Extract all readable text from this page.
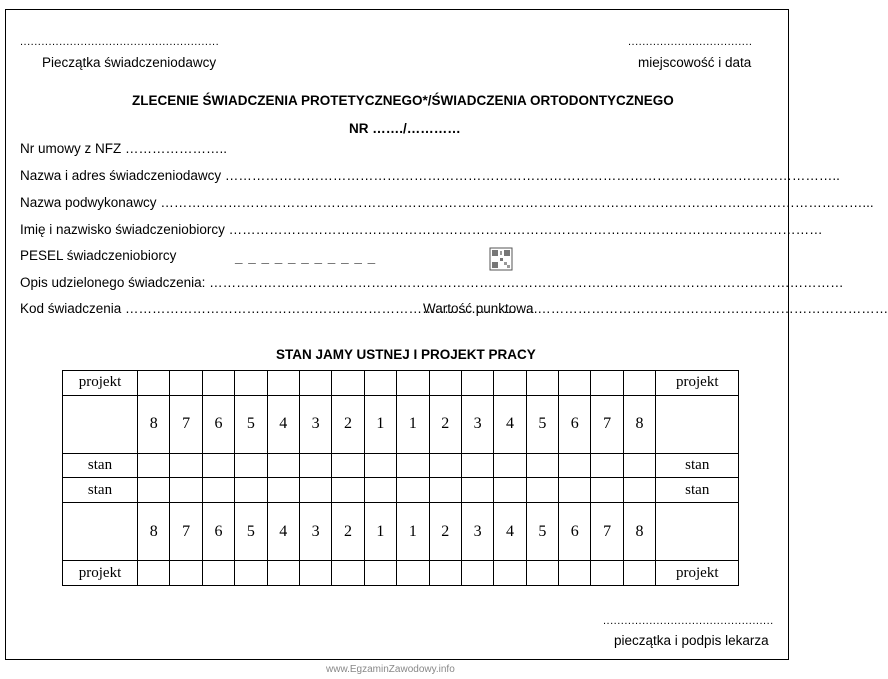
........................................................
Pieczątka świadczeniodawcy
...................................
miejscowość i data
ZLECENIE ŚWIADCZENIA PROTETYCZNEGO*/ŚWIADCZENIA ORTODONTYCZNEGO
NR ……./…………
Nr umowy z NFZ …………………..
Nazwa i adres świadczeniodawcy ………………………………………………………………………………………………………………………..
Nazwa podwykonawcy …………………………………………………………………………………………………………………………………………...
Imię i nazwisko świadczeniobiorcy ……………………………………………………………………………………………………………………
PESEL świadczeniobiorcy	_ _ _ _ _ _ _ _ _ _ _
Opis udzielonego świadczenia: ……………………………………………………………………………………………………………………………
Kod świadczenia ………………………………………………………………………………..
Wartość punktowa ……………………………………………………………………
STAN JAMY USTNEJ I PROJEKT PRACY
projekt																	projekt
	8	7	6	5	4	3	2	1	1	2	3	4	5	6	7	8	
stan																	stan
stan																	stan
	8	7	6	5	4	3	2	1	1	2	3	4	5	6	7	8	
projekt																	projekt
................................................
pieczątka i podpis lekarza
www.EgzaminZawodowy.info
